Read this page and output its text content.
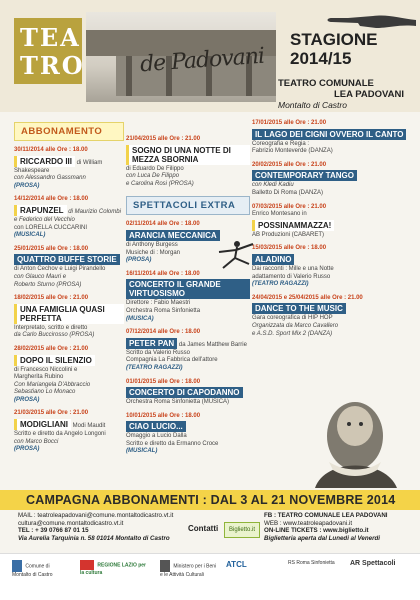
TEA
TRO de Padovani
STAGIONE
2014/15
TEATRO COMUNALE
LEA PADOVANI
Montalto di Castro
ABBONAMENTO
30/11/2014 alle Ore : 18.00
RICCARDO III di William Shakespeare
con Alessandro Gassmann
(PROSA)
14/12/2014 alle Ore : 18.00
RAPUNZEL di Maurizio Colombi
e Federico del Vecchio
con LORELLA CUCCARINI
(MUSICAL)
25/01/2015 alle Ore : 18.00
QUATTRO BUFFE STORIE
di Anton Cechov e Luigi Pirandello
con Glauco Mauri e
Roberto Sturno (PROSA)
18/02/2015 alle Ore : 21.00
UNA FAMIGLIA QUASI PERFETTA
Interpretato, scritto e diretto
da Carlo Buccirosso (PROSA)
28/02/2015 alle Ore : 21.00
DOPO IL SILENZIO
di Francesco Niccolini e
Margherita Rubino
Con Mariangela D'Abbraccio
Sebastiano Lo Monaco
(PROSA)
21/03/2015 alle Ore : 21.00
MODIGLIANI Modi Maudit
Scritto e diretto da Angelo Longoni
con Marco Bocci
(PROSA)
21/04/2015 alle Ore : 21.00
SOGNO DI UNA NOTTE DI MEZZA SBORNIA
di Eduardo De Filippo
con Luca De Filippo
e Carolina Rosi (PROSA)
SPETTACOLI EXTRA
02/11/2014 alle Ore : 18.00
ARANCIA MECCANICA
di Anthony Burgess
Musiche di : Morgan
(PROSA)
16/11/2014 alle Ore : 18.00
CONCERTO IL GRANDE VIRTUOSISMO
Direttore : Fabio Maestri
Orchestra Roma Sinfonietta
(MUSICA)
07/12/2014 alle Ore : 18.00
PETER PAN da James Matthew Barrie
Scritto da Valerio Russo
Compagnia La Fabbrica dell'attore
(TEATRO RAGAZZI)
01/01/2015 alle Ore : 18.00
CONCERTO DI CAPODANNO
Orchestra Roma Sinfonietta (MUSICA)
10/01/2015 alle Ore : 18.00
CIAO LUCIO...
Omaggio a Lucio Dalla
Scritto e diretto da Ermanno Croce
(MUSICAL)
17/01/2015 alle Ore : 21.00
IL LAGO DEI CIGNI OVVERO IL CANTO
Coreografia e Regia :
Fabrizio Monteverde (DANZA)
20/02/2015 alle Ore : 21.00
CONTEMPORARY TANGO
con Kledi Kadiu
Balletto Di Roma (DANZA)
07/03/2015 alle Ore : 21.00
Enrico Montesano in
POSSINAMMAZZA!
AB Produzioni (CABARET)
15/03/2015 alle Ore : 18.00
ALADINO
Dai racconti : Mille e una Notte
adattamento di Valerio Russo
(TEATRO RAGAZZI)
24/04/2015 e 25/04/2015 alle Ore : 21.00
DANCE TO THE MUSIC
Gara coreografica di HIP HOP
Organizzata da Marco Cavallero
e A.S.D. Sport Mix 2 (DANZA)
CAMPAGNA ABBONAMENTI : DAL 3 AL 21 NOVEMBRE 2014
MAIL : teatroleapadovani@comune.montaltodicastro.vt.it
cultura@comune.montaltodicastro.vt.it
TEL : + 39 0766 87 01 15
Via Aurelia Tarquinia n. 58 01014 Montalto di Castro
FB : TEATRO COMUNALE LEA PADOVANI
WEB : www.teatroleapadovani.it
ON-LINE TICKETS : www.biglietto.it
Biglietteria aperta dal Lunedi al Venerdi
Contatti	Biglietto.it
Comune di Montalto di Castro
REGIONE LAZIO per la cultura
Ministero per i Beni e le Attività Culturali
ATCL	RS Roma Sinfonietta	AR Spettacoli
